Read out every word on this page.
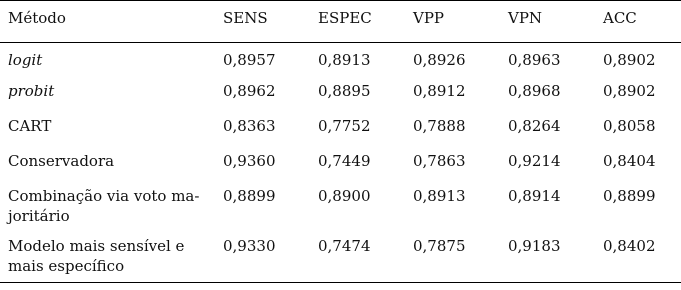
Método	SENS	ESPEC	VPP	VPN	ACC

logit	0,8957	0,8913	0,8926	0,8963	0,8902

probit	0,8962	0,8895	0,8912	0,8968	0,8902

CART	0,8363	0,7752	0,7888	0,8264	0,8058

Conservadora	0,9360	0,7449	0,7863	0,9214	0,8404

Combinação via voto ma-
joritário	0,8899	0,8900	0,8913	0,8914	0,8899

Modelo mais sensível e
mais específico	0,9330	0,7474	0,7875	0,9183	0,8402
